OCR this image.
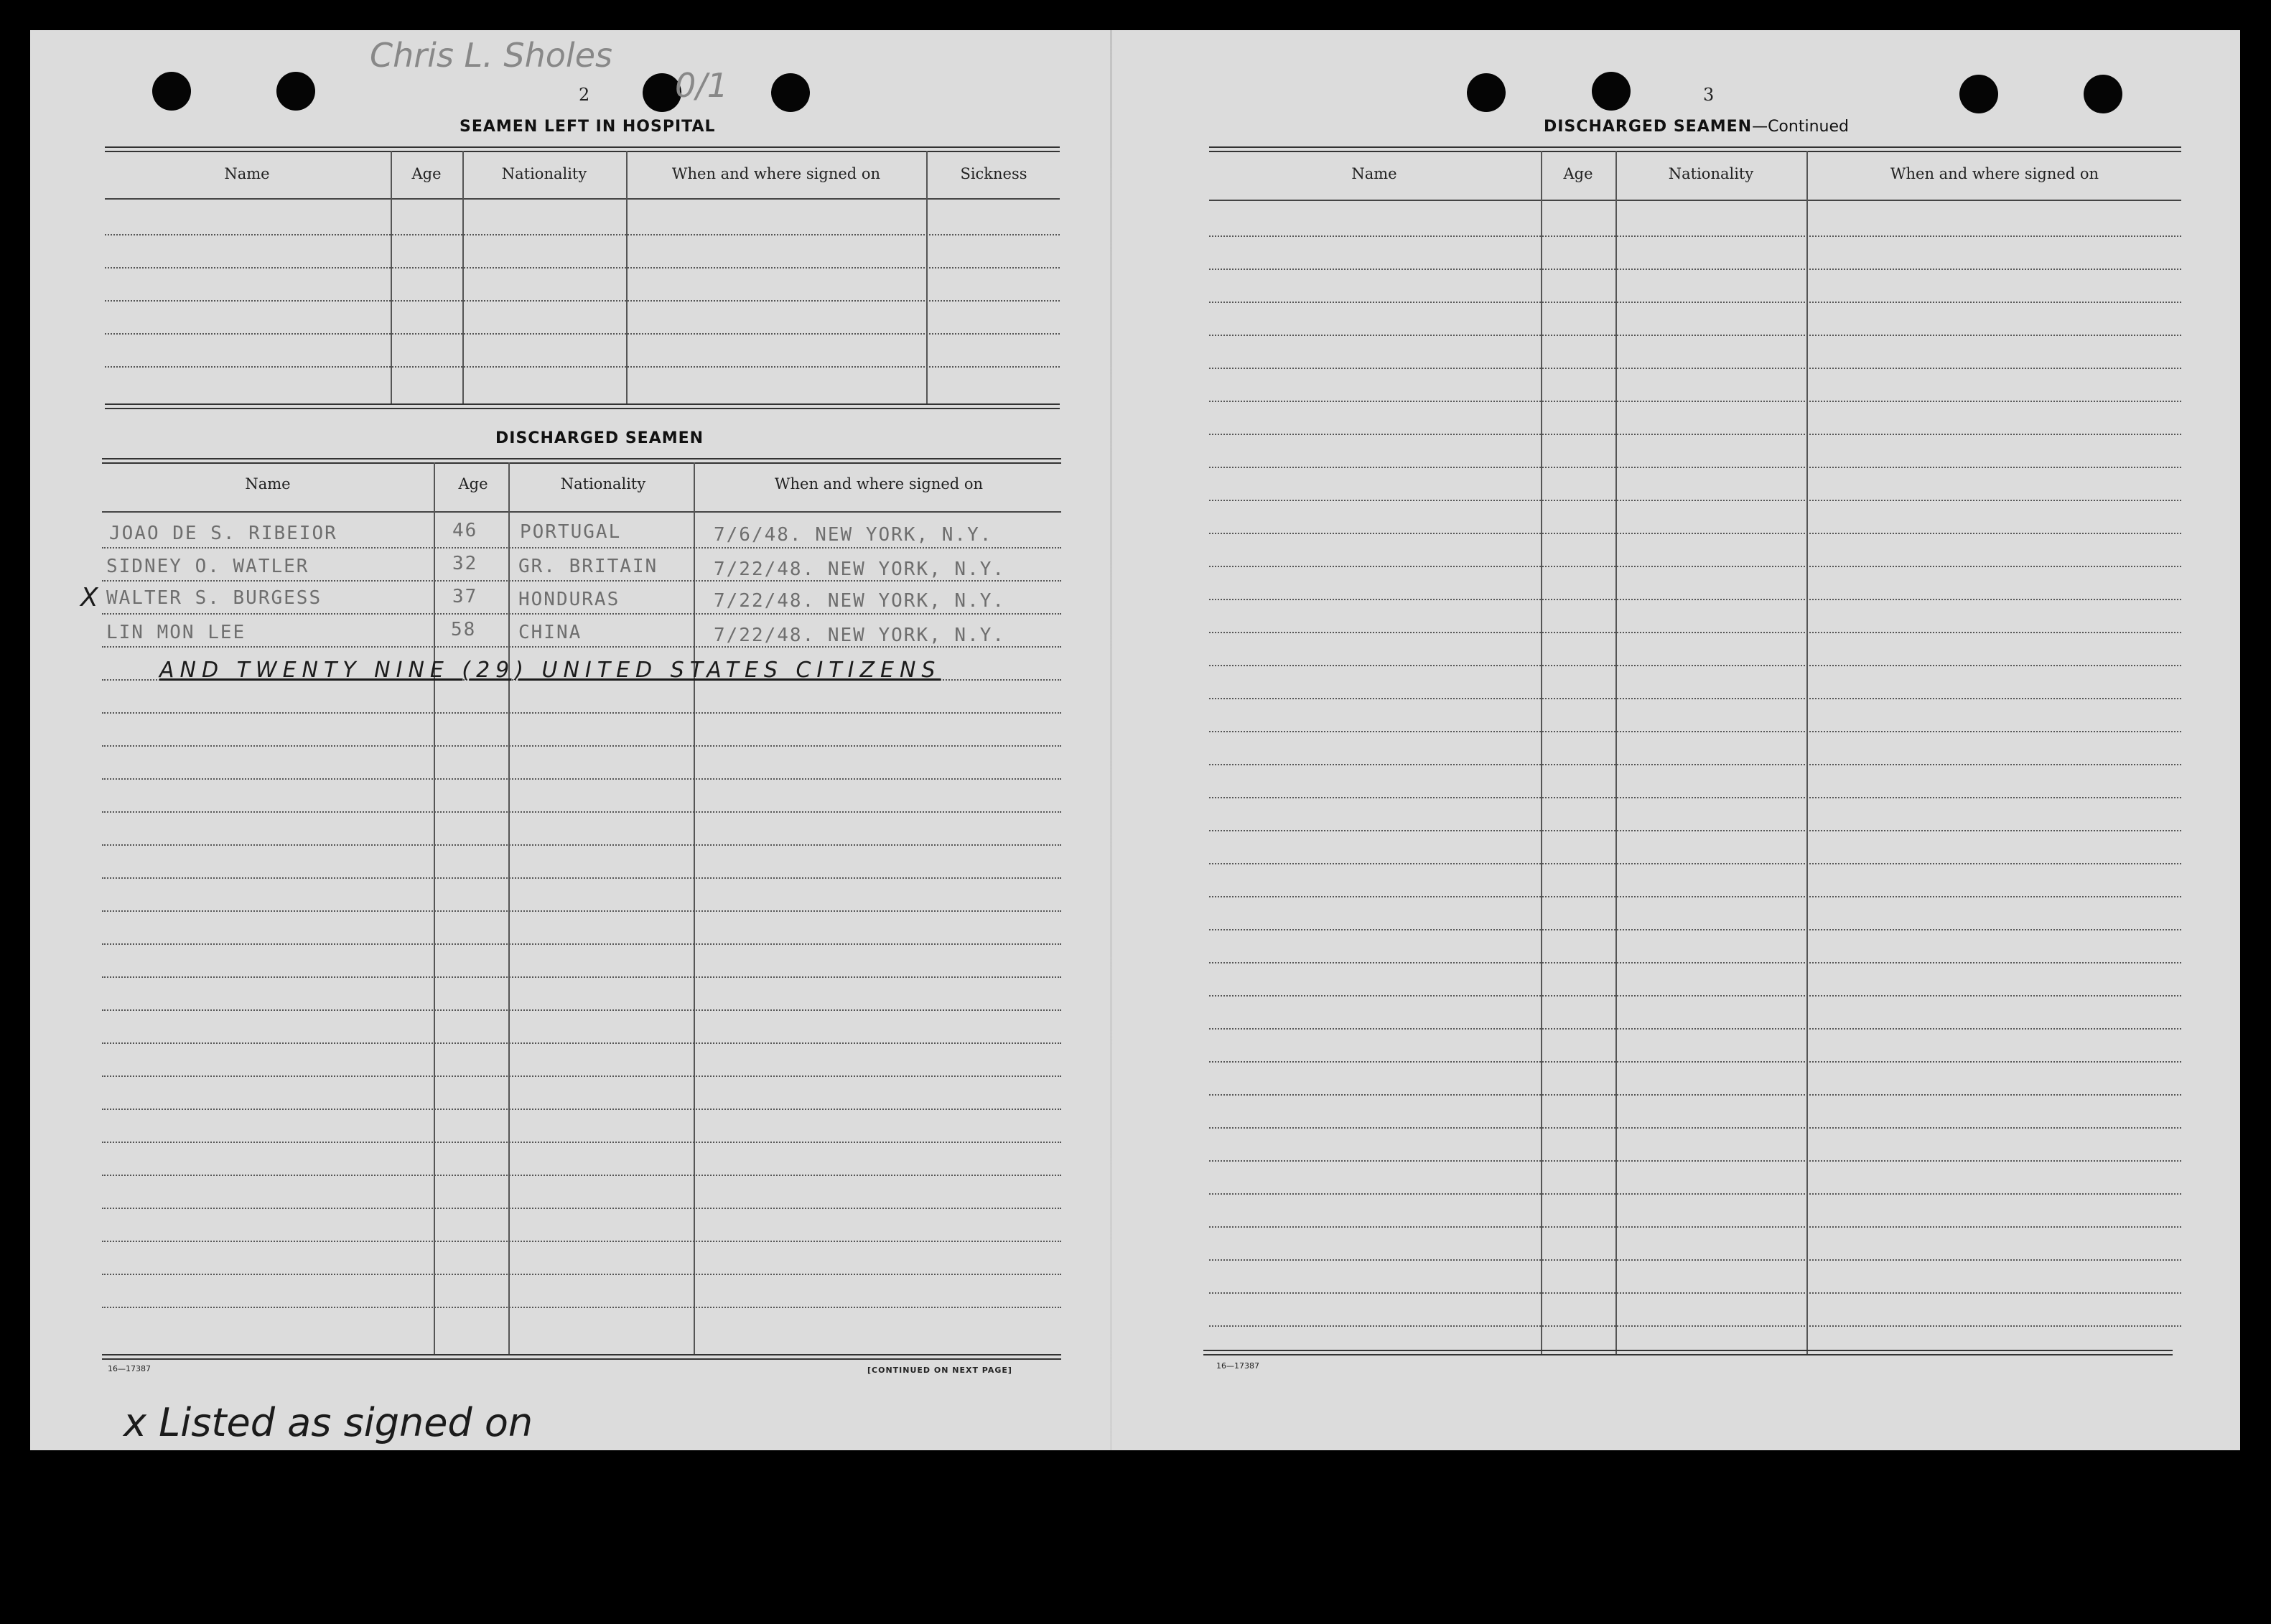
Chris L. Sholes
0/1
2
SEAMEN LEFT IN HOSPITAL
Name	Age	Nationality	When and where signed on	Sickness
DISCHARGED SEAMEN
Name	Age	Nationality	When and where signed on
JOAO DE S. RIBEIOR	46 PORTUGAL	7/6/48. NEW YORK, N.Y.
SIDNEY O. WATLER	32 GR. BRITAIN	7/22/48. NEW YORK, N.Y.
X WALTER S. BURGESS	37 HONDURAS	7/22/48. NEW YORK, N.Y.
LIN MON LEE	58 CHINA	7/22/48. NEW YORK, N.Y.
AND TWENTY NINE (29) UNITED STATES CITIZENS
16—17387	[CONTINUED ON NEXT PAGE]
x Listed as signed on
3
DISCHARGED SEAMEN—Continued
Name	Age	Nationality	When and where signed on
16—17387
